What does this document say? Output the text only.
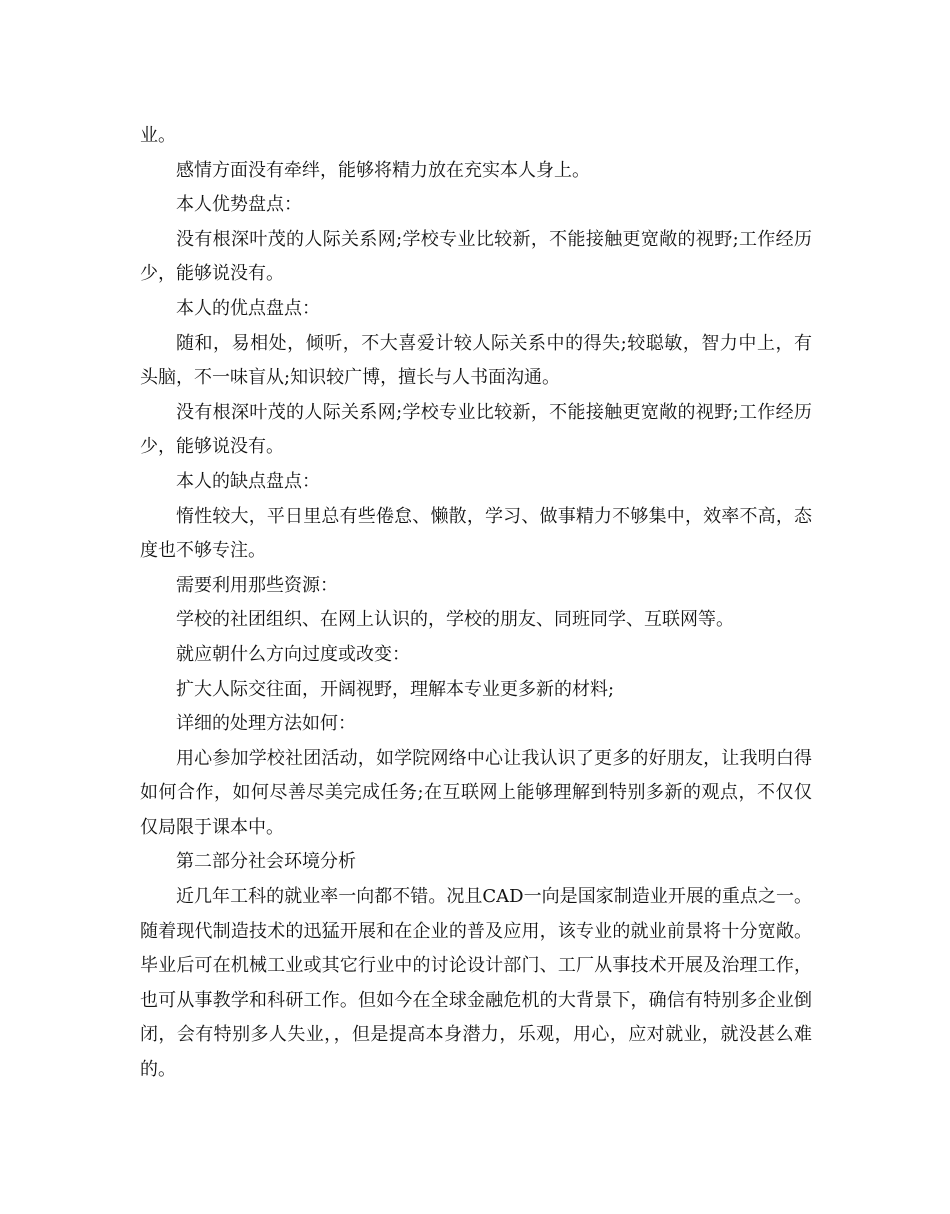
业。

感情方面没有牵绊，能够将精力放在充实本人身上。

本人优势盘点：

没有根深叶茂的人际关系网;学校专业比较新，不能接触更宽敞的视野;工作经历少，能够说没有。

本人的优点盘点：

随和，易相处，倾听，不大喜爱计较人际关系中的得失;较聪敏，智力中上，有头脑，不一味盲从;知识较广博，擅长与人书面沟通。

没有根深叶茂的人际关系网;学校专业比较新，不能接触更宽敞的视野;工作经历少，能够说没有。

本人的缺点盘点：

惰性较大，平日里总有些倦怠、懒散，学习、做事精力不够集中，效率不高，态度也不够专注。

需要利用那些资源：

学校的社团组织、在网上认识的，学校的朋友、同班同学、互联网等。

就应朝什么方向过度或改变：

扩大人际交往面，开阔视野，理解本专业更多新的材料;

详细的处理方法如何：

用心参加学校社团活动，如学院网络中心让我认识了更多的好朋友，让我明白得如何合作，如何尽善尽美完成任务;在互联网上能够理解到特别多新的观点，不仅仅仅局限于课本中。

第二部分社会环境分析

近几年工科的就业率一向都不错。况且CAD一向是国家制造业开展的重点之一。随着现代制造技术的迅猛开展和在企业的普及应用，该专业的就业前景将十分宽敞。毕业后可在机械工业或其它行业中的讨论设计部门、工厂从事技术开展及治理工作，也可从事教学和科研工作。但如今在全球金融危机的大背景下，确信有特别多企业倒闭，会有特别多人失业，，但是提高本身潜力，乐观，用心，应对就业，就没甚么难的。
